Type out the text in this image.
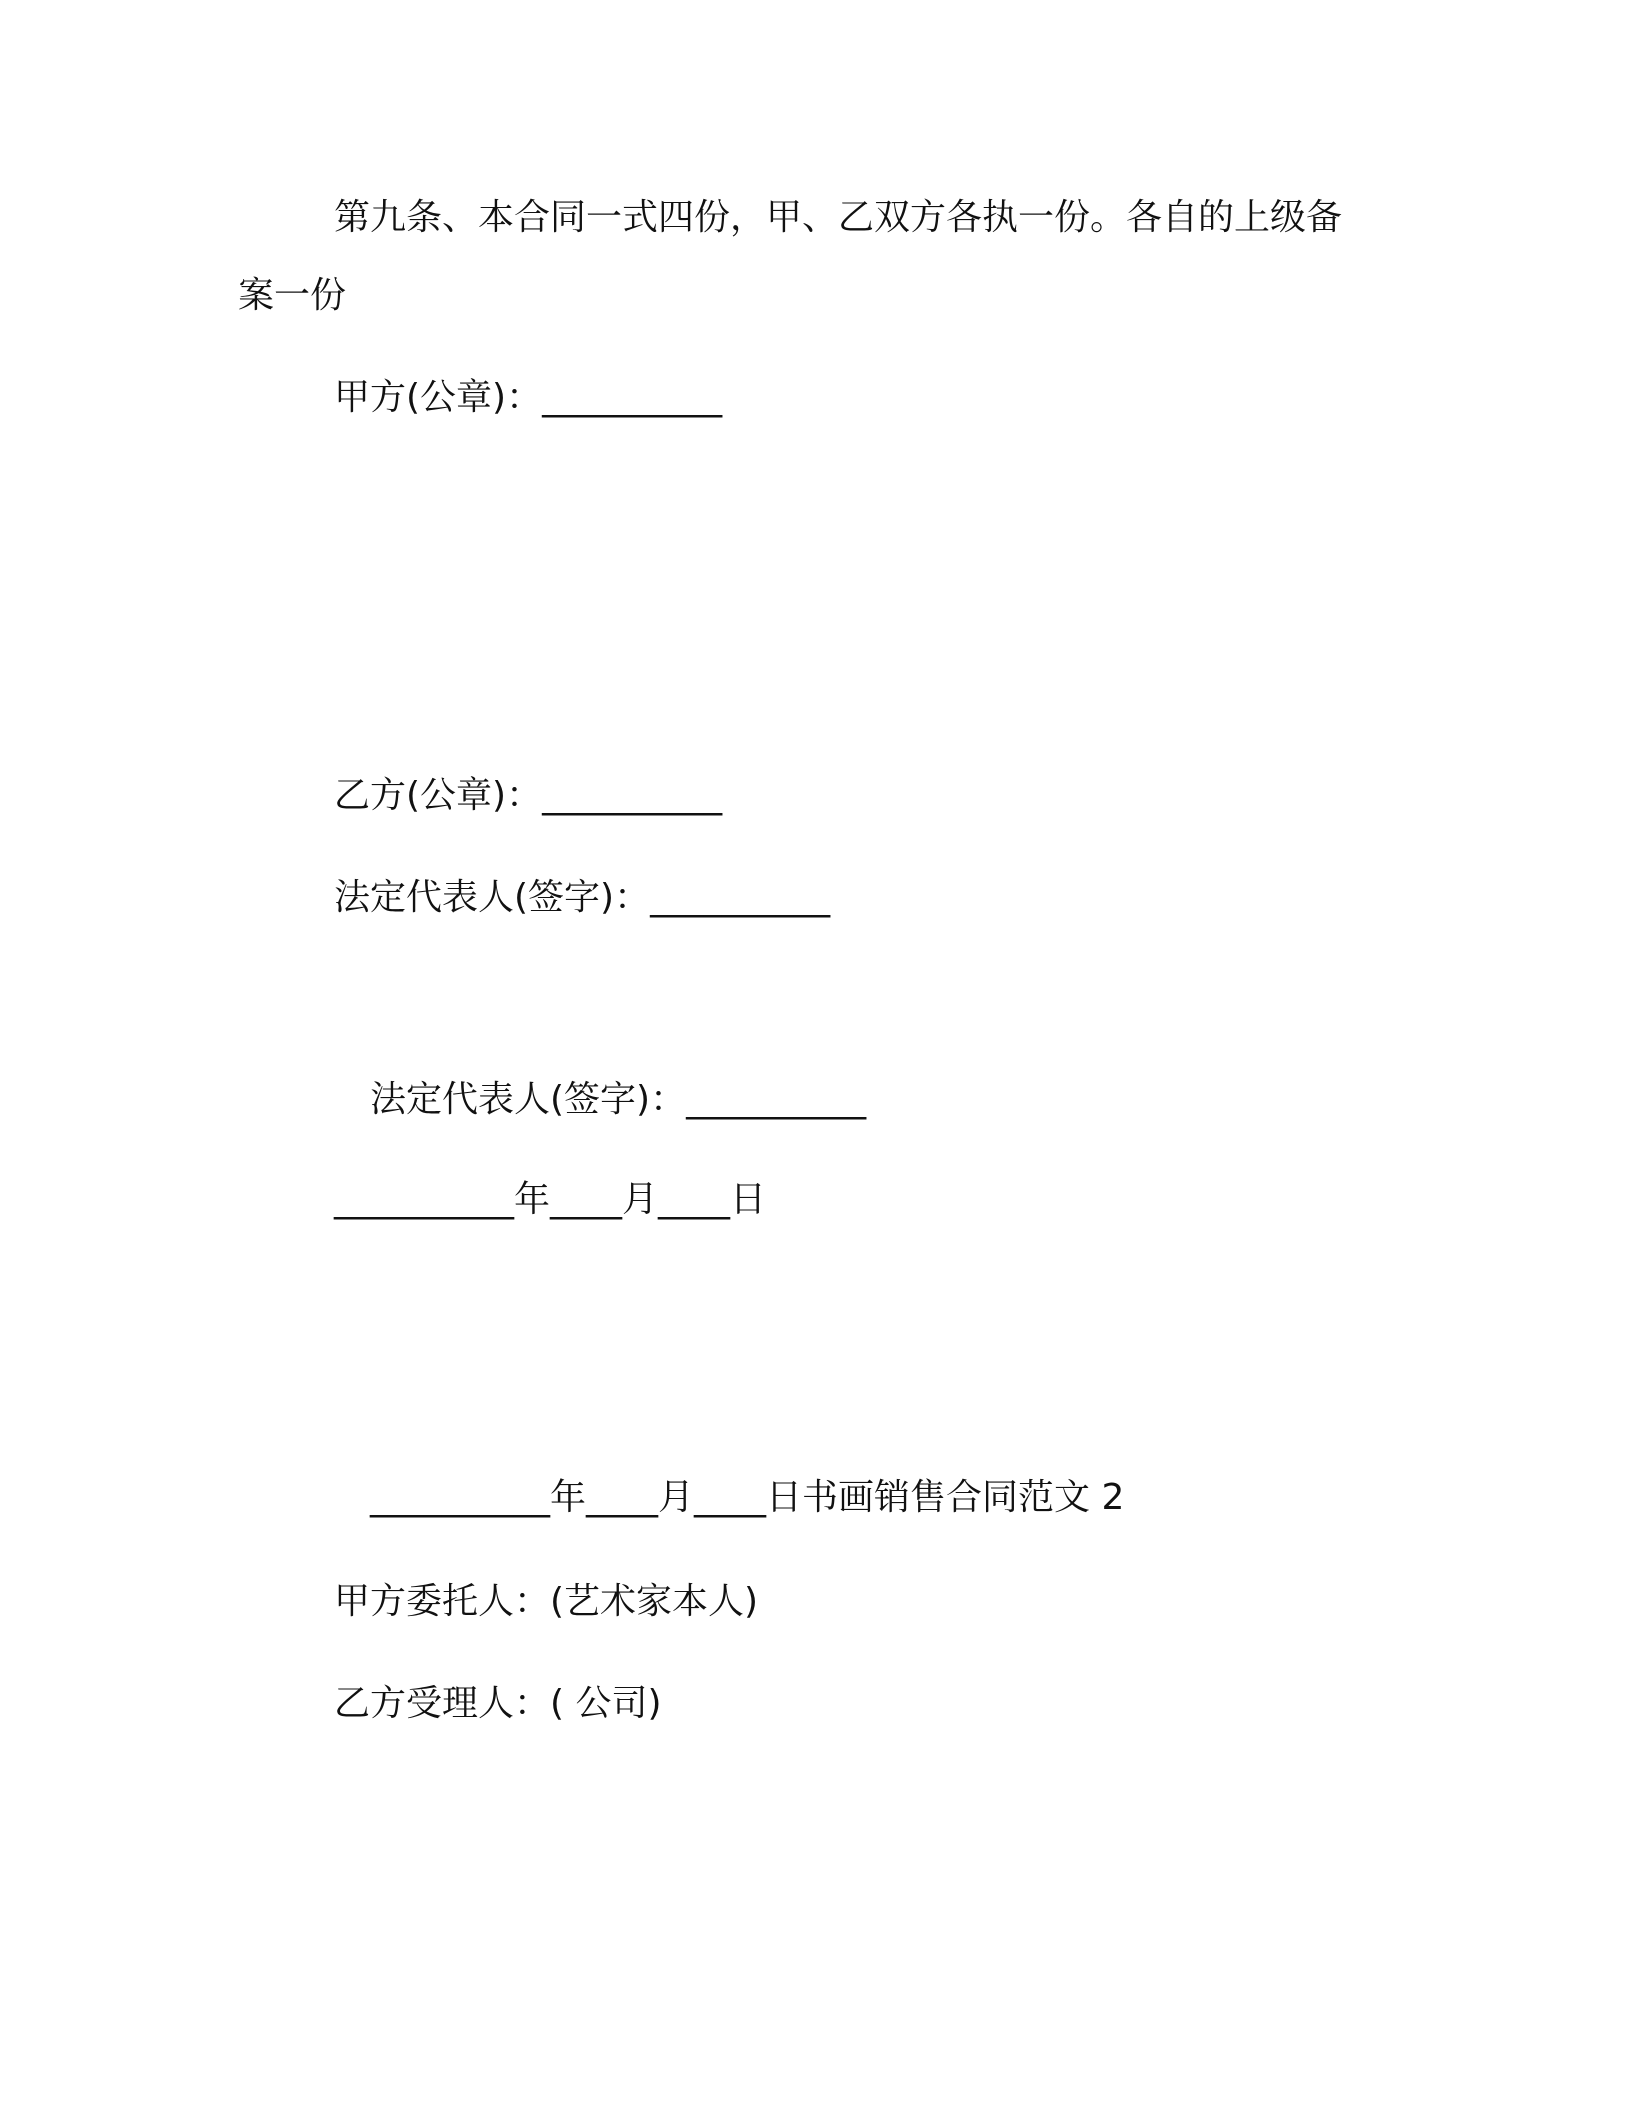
第九条、本合同一式四份，甲、乙双方各执一份。各自的上级备
案一份
甲方(公章)：__________
乙方(公章)：__________
法定代表人(签字)：__________
法定代表人(签字)：__________
__________年____月____日
__________年____月____日书画销售合同范文 2
甲方委托人：(艺术家本人)
乙方受理人：( 公司)
